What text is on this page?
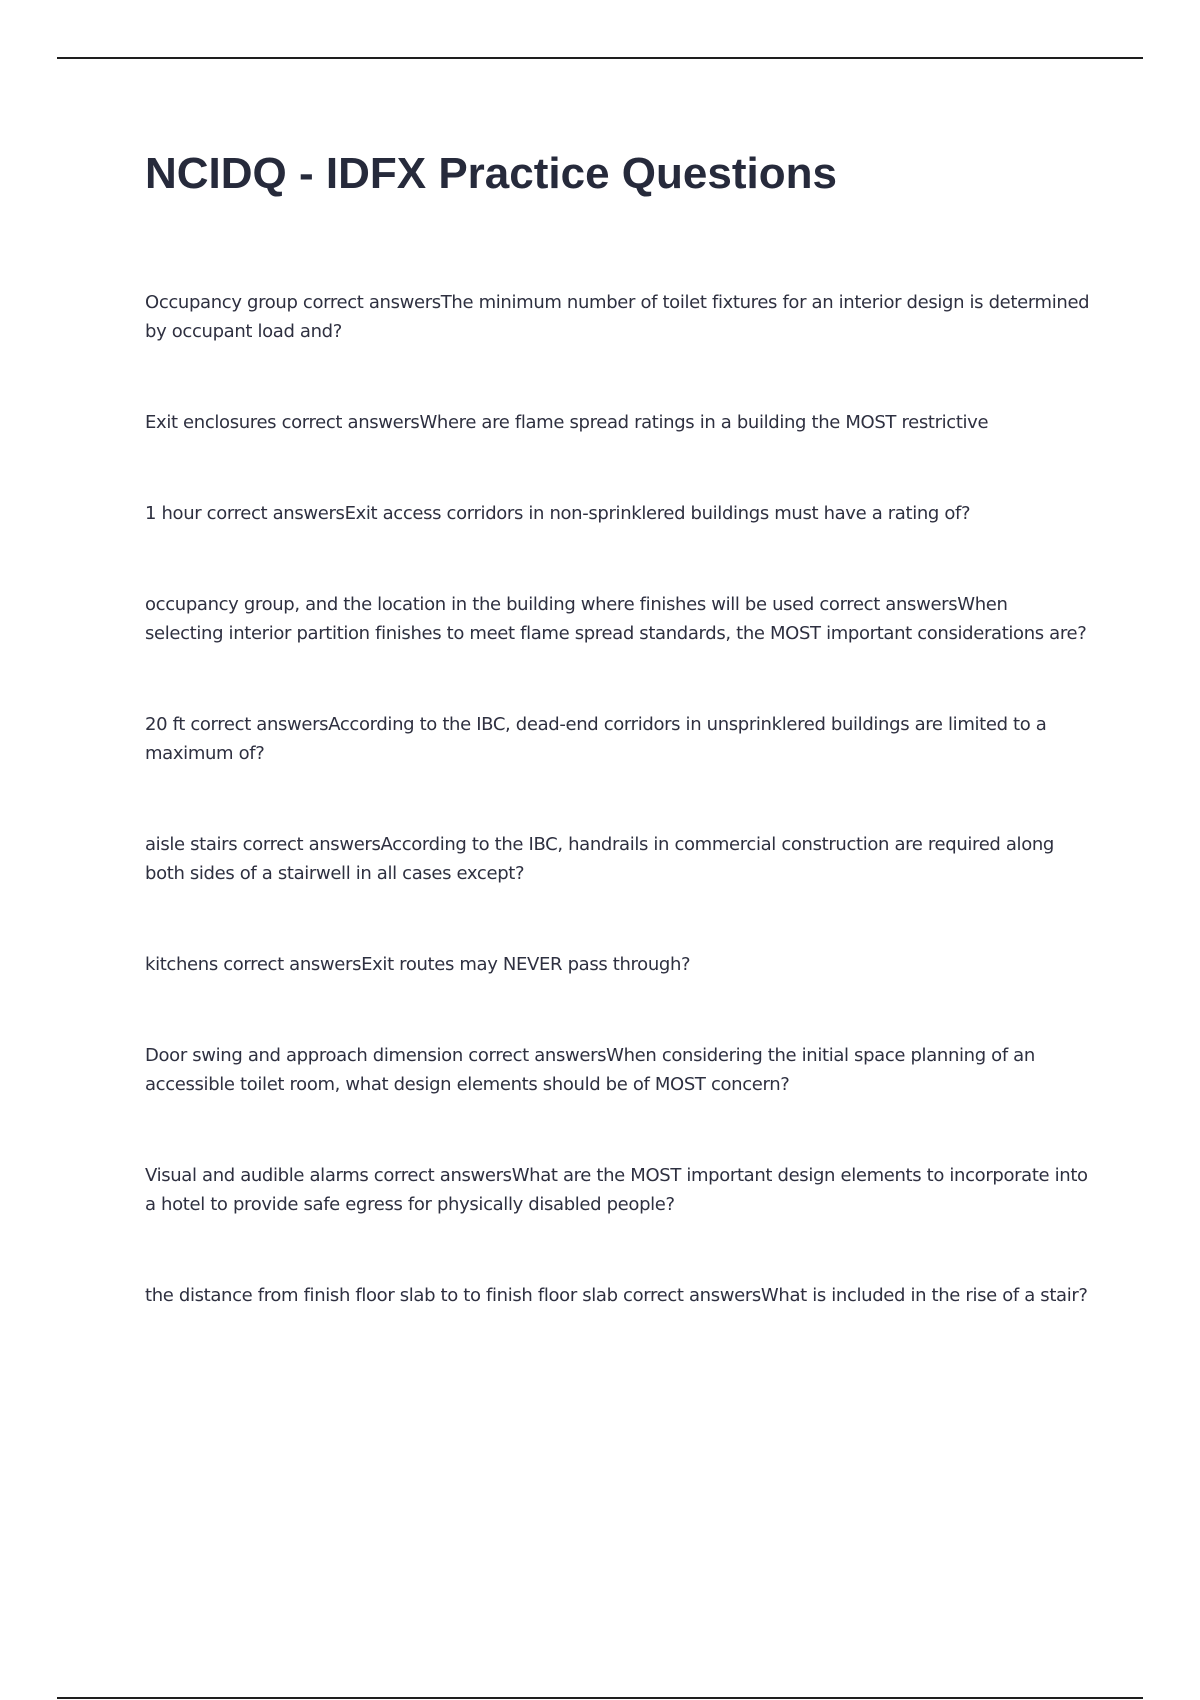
NCIDQ - IDFX Practice Questions
Occupancy group correct answersThe minimum number of toilet fixtures for an interior design is determined by occupant load and?
Exit enclosures correct answersWhere are flame spread ratings in a building the MOST restrictive
1 hour correct answersExit access corridors in non-sprinklered buildings must have a rating of?
occupancy group, and the location in the building where finishes will be used correct answersWhen selecting interior partition finishes to meet flame spread standards, the MOST important considerations are?
20 ft correct answersAccording to the IBC, dead-end corridors in unsprinklered buildings are limited to a maximum of?
aisle stairs correct answersAccording to the IBC, handrails in commercial construction are required along both sides of a stairwell in all cases except?
kitchens correct answersExit routes may NEVER pass through?
Door swing and approach dimension correct answersWhen considering the initial space planning of an accessible toilet room, what design elements should be of MOST concern?
Visual and audible alarms correct answersWhat are the MOST important design elements to incorporate into a hotel to provide safe egress for physically disabled people?
the distance from finish floor slab to to finish floor slab correct answersWhat is included in the rise of a stair?
